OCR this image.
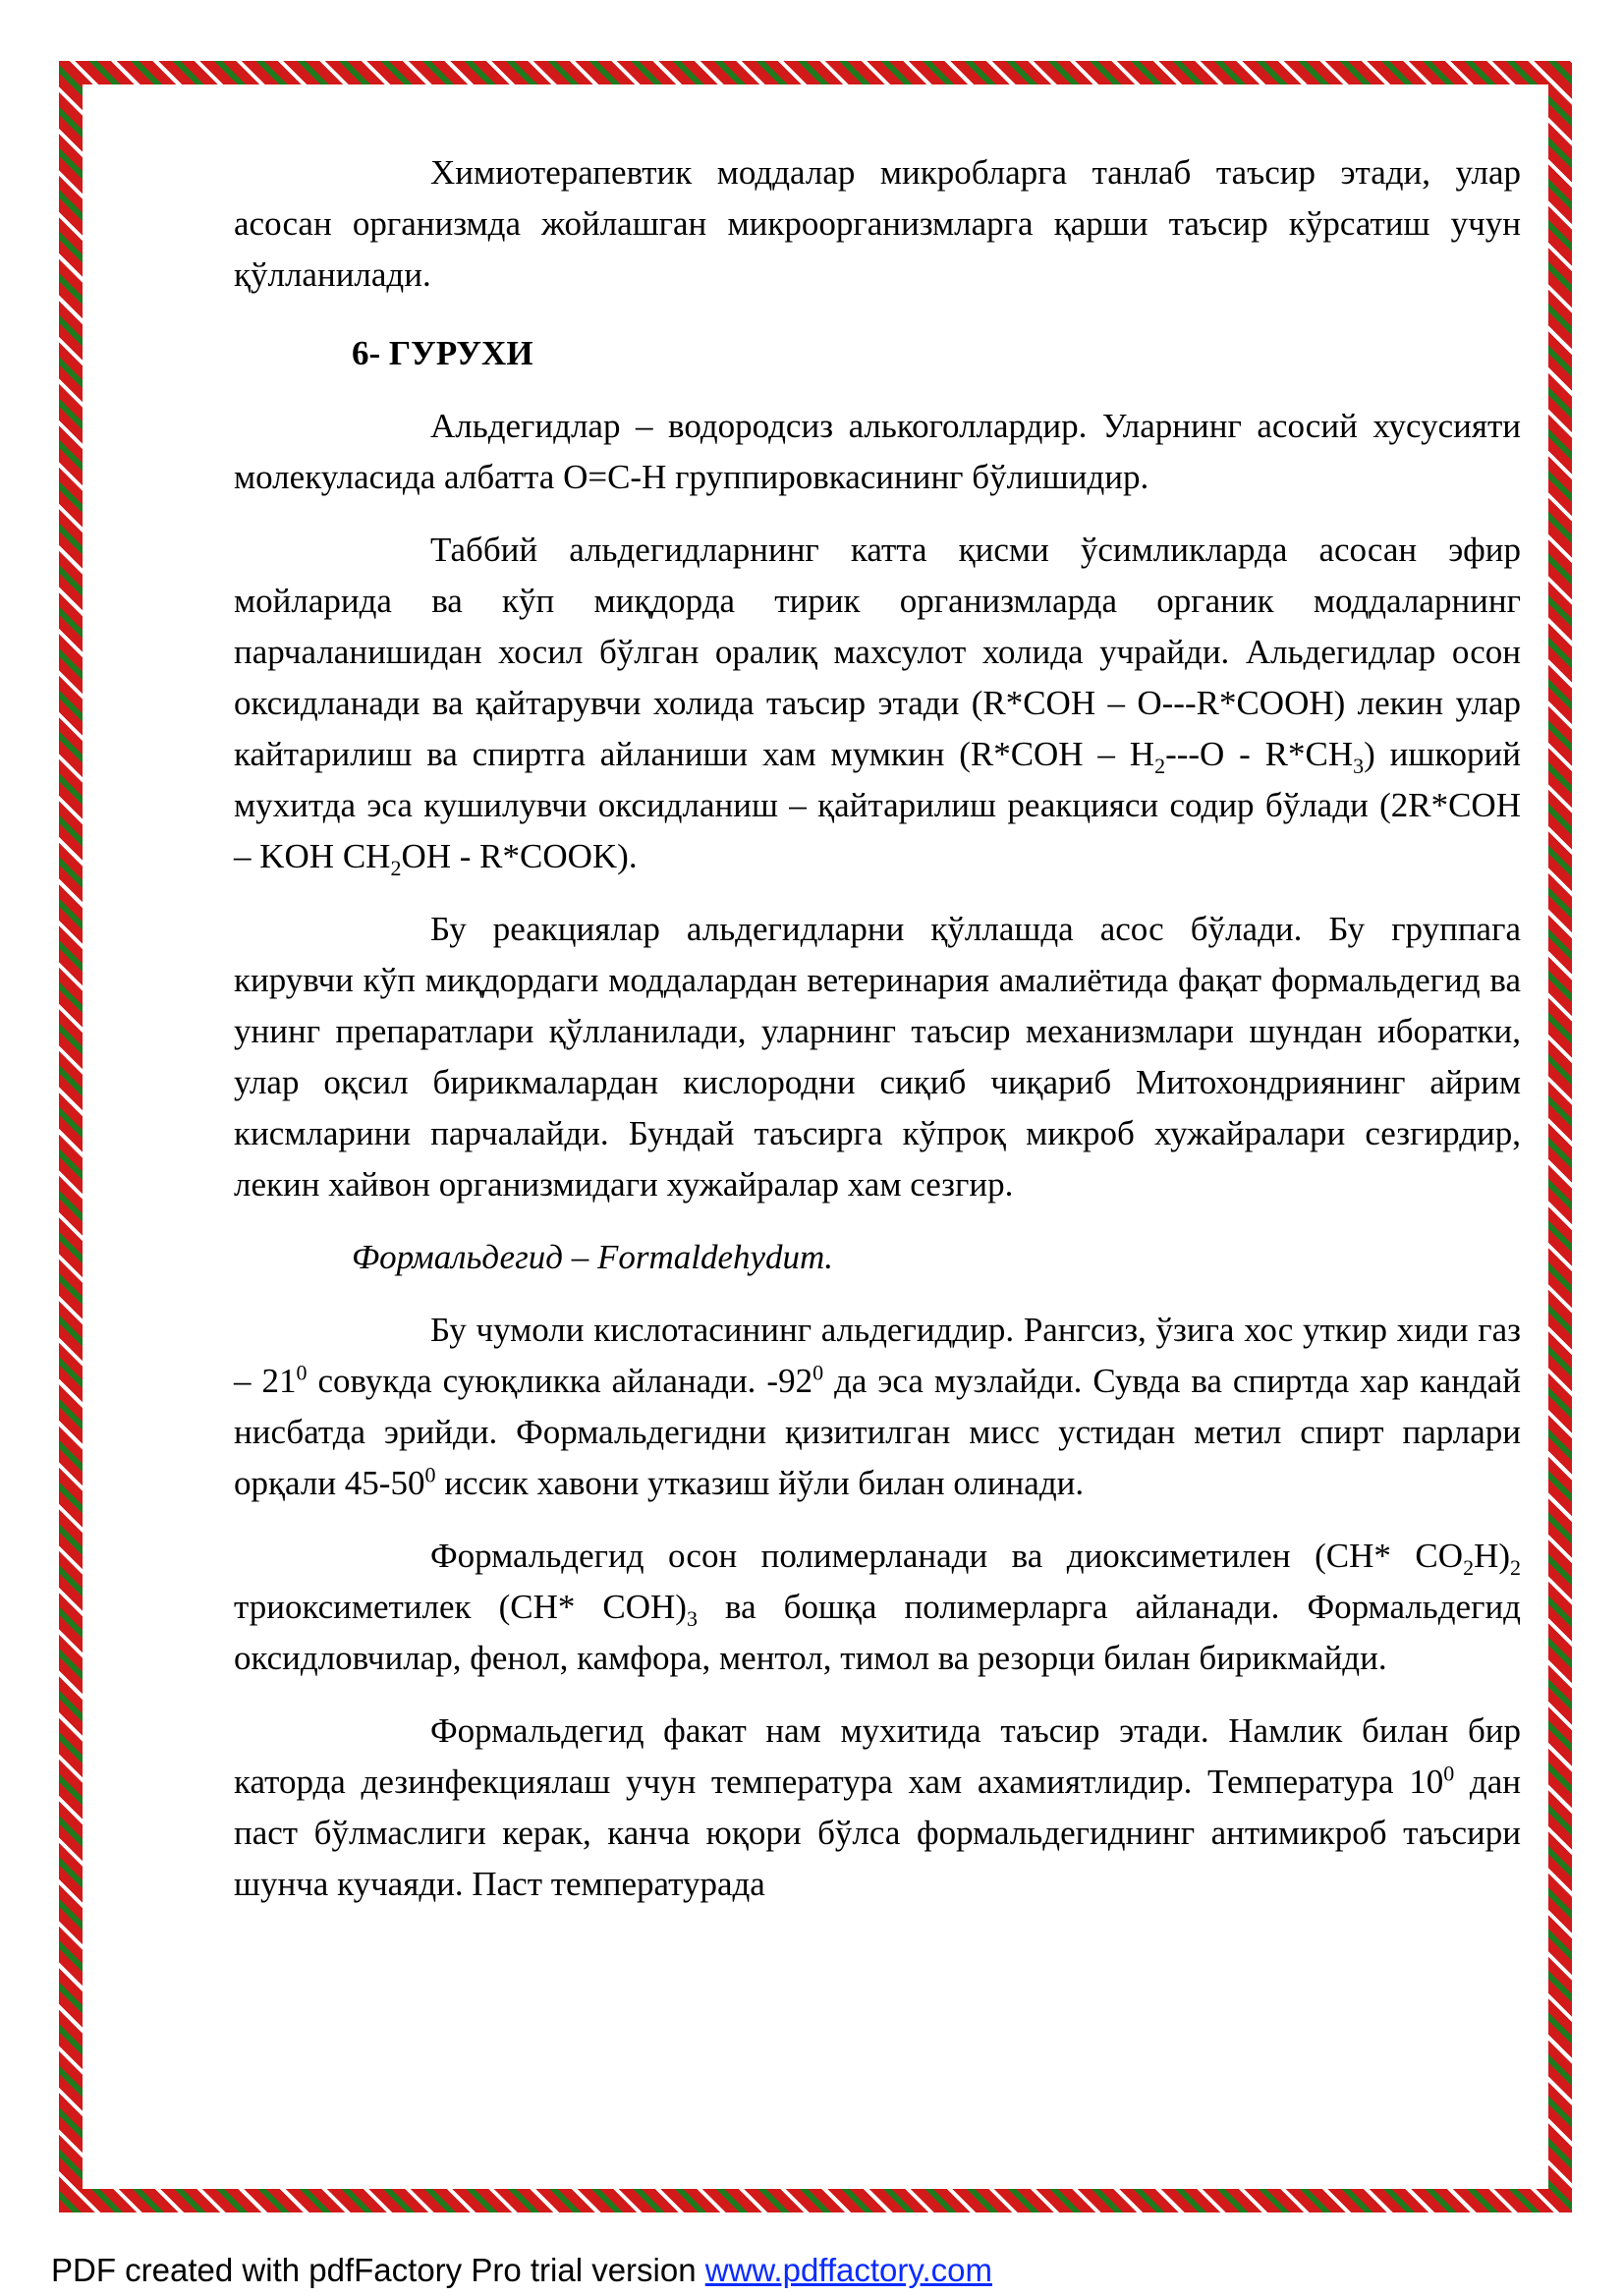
Химиотерапевтик моддалар микробларга танлаб таъсир этади, улар асосан организмда жойлашган микроорганизмларга қарши таъсир кўрсатиш учун қўлланилади.

6- ГУРУХИ

Альдегидлар – водородсиз алькоголлардир. Уларнинг асосий хусусияти молекуласида албатта O=C-H группировкасининг бўлишидир.

Таббий альдегидларнинг катта қисми ўсимликларда асосан эфир мойларида ва кўп миқдорда тирик организмларда органик моддаларнинг парчаланишидан хосил бўлган оралиқ махсулот холида учрайди. Альдегидлар осон оксидланади ва қайтарувчи холида таъсир этади (R*COH – O---R*COOH) лекин улар кайтарилиш ва спиртга айланиши хам мумкин $(R*COH - H_2---O - R*CH_3)$ ишкорий мухитда эса кушилувчи оксидланиш – қайтарилиш реакцияси содир бўлади (2R*COH – KOH $CH_2OH$ - R*COOK).

Бу реакциялар альдегидларни қўллашда асос бўлади. Бу группага кирувчи кўп миқдордаги моддалардан ветеринария амалиётида фақат формальдегид ва унинг препаратлари қўлланилади, уларнинг таъсир механизмлари шундан иборатки, улар оқсил бирикмалардан кислородни сиқиб чиқариб Митохондриянинг айрим кисмларини парчалайди. Бундай таъсирга кўпроқ микроб хужайралари сезгирдир, лекин хайвон организмидаги хужайралар хам сезгир.

Формальдегид – Formaldehydum.

Бу чумоли кислотасининг альдегиддир. Рангсиз, ўзига хос уткир хиди газ – $21^0$ совукда суюқликка айланади. $-92^0$ да эса музлайди. Сувда ва спиртда хар кандай нисбатда эрийди. Формальдегидни қизитилган мисс устидан метил спирт парлари орқали $45-50^0$ иссик хавони утказиш йўли билан олинади.

Формальдегид осон полимерланади ва диоксиметилен (CH* $CO_2H)_2$ триоксиметилек (CH* $COH)_3$ ва бошқа полимерларга айланади. Формальдегид оксидловчилар, фенол, камфора, ментол, тимол ва резорци билан бирикмайди.

Формальдегид факат нам мухитида таъсир этади. Намлик билан бир каторда дезинфекциялаш учун температура хам ахамиятлидир. Температура $10^0$ дан паст бўлмаслиги керак, канча юқори бўлса формальдегиднинг антимикроб таъсири шунча кучаяди. Паст температурада

PDF created with pdfFactory Pro trial version www.pdffactory.com
